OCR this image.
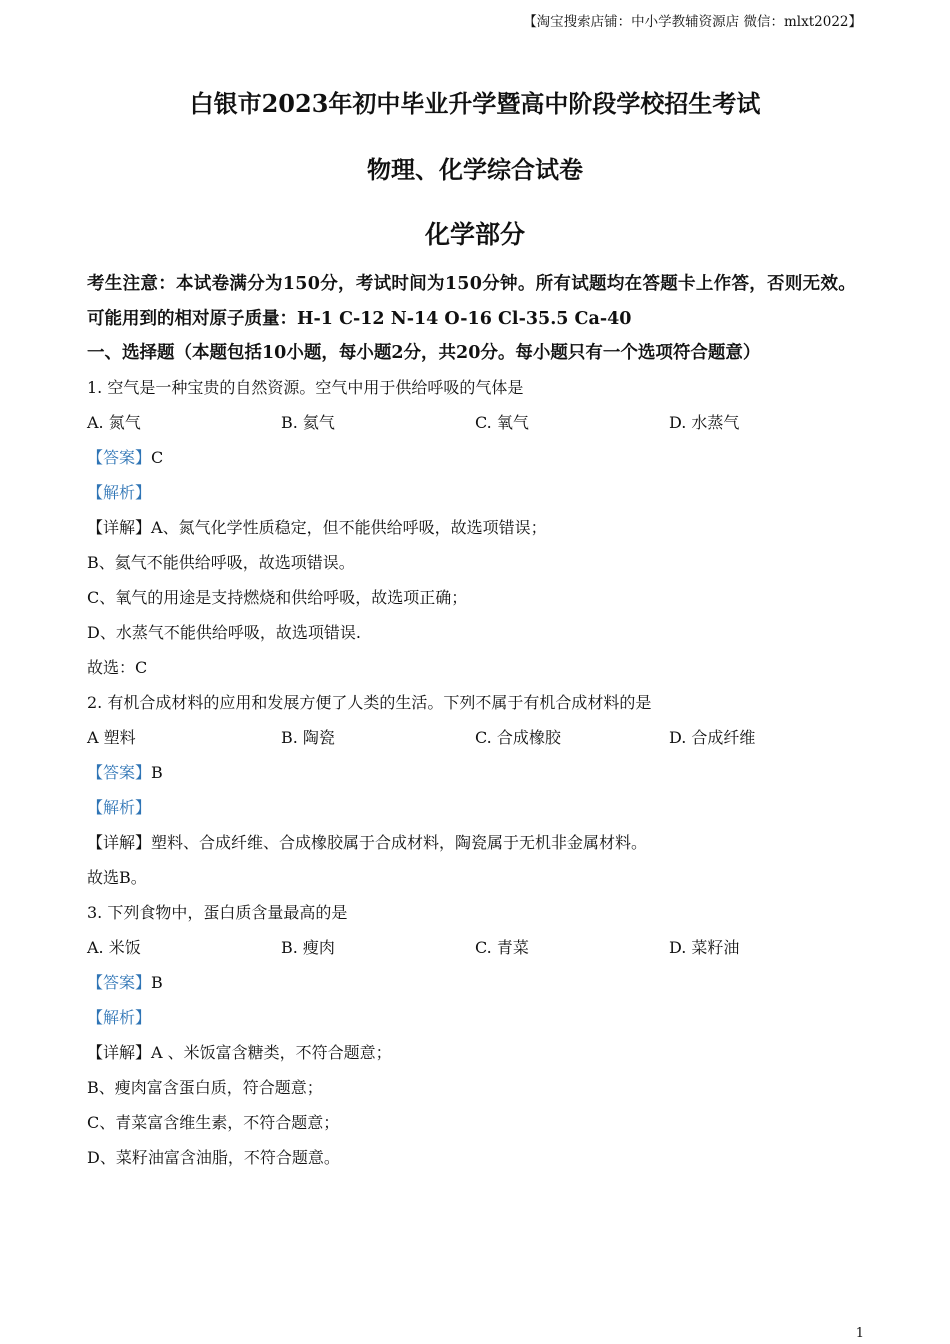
【淘宝搜索店铺：中小学教辅资源店 微信：mlxt2022】
白银市2023年初中毕业升学暨高中阶段学校招生考试
物理、化学综合试卷
化学部分

考生注意：本试卷满分为150分，考试时间为150分钟。所有试题均在答题卡上作答，否则无效。

可能用到的相对原子质量：H-1 C-12 N-14 O-16 Cl-35.5 Ca-40

一、选择题（本题包括10小题，每小题2分，共20分。每小题只有一个选项符合题意）

1. 空气是一种宝贵的自然资源。空气中用于供给呼吸的气体是

A. 氮气	B. 氦气	C. 氧气	D. 水蒸气

【答案】C

【解析】

【详解】A、氮气化学性质稳定，但不能供给呼吸，故选项错误；

B、氦气不能供给呼吸，故选项错误。

C、氧气的用途是支持燃烧和供给呼吸，故选项正确；

D、水蒸气不能供给呼吸，故选项错误.

故选：C

2. 有机合成材料的应用和发展方便了人类的生活。下列不属于有机合成材料的是

A 塑料	B. 陶瓷	C. 合成橡胶	D. 合成纤维

【答案】B

【解析】

【详解】塑料、合成纤维、合成橡胶属于合成材料，陶瓷属于无机非金属材料。

故选B。

3. 下列食物中，蛋白质含量最高的是

A. 米饭	B. 瘦肉	C. 青菜	D. 菜籽油

【答案】B

【解析】

【详解】A 、米饭富含糖类，不符合题意；

B、瘦肉富含蛋白质，符合题意；

C、青菜富含维生素，不符合题意；

D、菜籽油富含油脂，不符合题意。

1
